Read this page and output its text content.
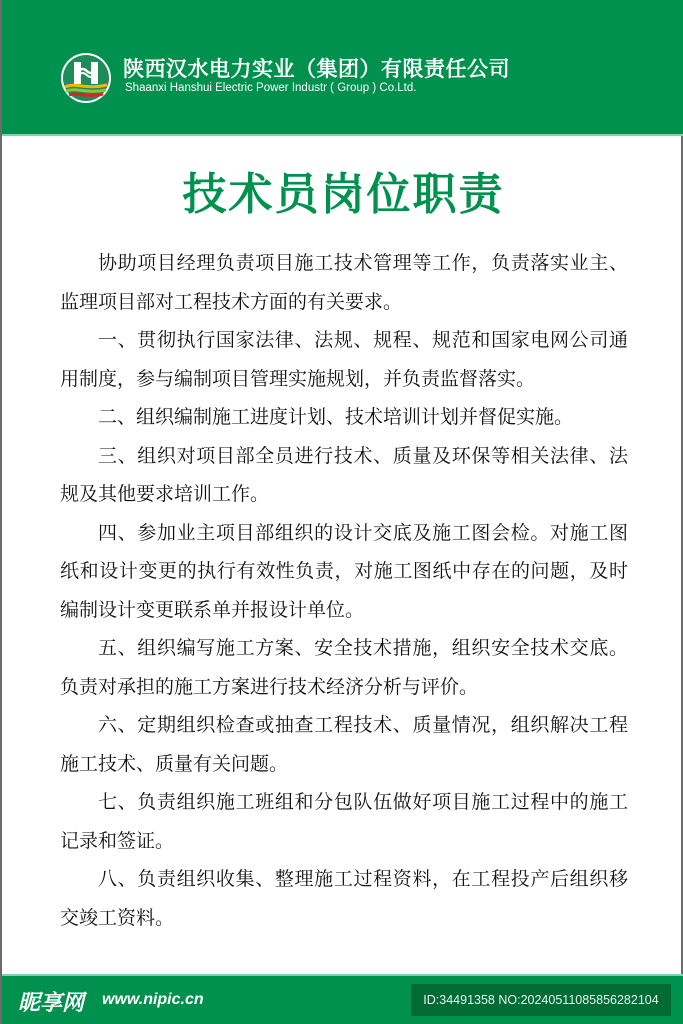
陕西汉水电力实业（集团）有限责任公司
Shaanxi Hanshui Electric Power Industr ( Group ) Co.Ltd.
技术员岗位职责

协助项目经理负责项目施工技术管理等工作，负责落实业主、监理项目部对工程技术方面的有关要求。

一、贯彻执行国家法律、法规、规程、规范和国家电网公司通用制度，参与编制项目管理实施规划，并负责监督落实。

二、组织编制施工进度计划、技术培训计划并督促实施。

三、组织对项目部全员进行技术、质量及环保等相关法律、法规及其他要求培训工作。

四、参加业主项目部组织的设计交底及施工图会检。对施工图纸和设计变更的执行有效性负责，对施工图纸中存在的问题，及时编制设计变更联系单并报设计单位。

五、组织编写施工方案、安全技术措施，组织安全技术交底。负责对承担的施工方案进行技术经济分析与评价。

六、定期组织检查或抽查工程技术、质量情况，组织解决工程施工技术、质量有关问题。

七、负责组织施工班组和分包队伍做好项目施工过程中的施工记录和签证。

八、负责组织收集、整理施工过程资料，在工程投产后组织移交竣工资料。

昵享网 www.nipic.cn	ID:34491358 NO:20240511085856282104
